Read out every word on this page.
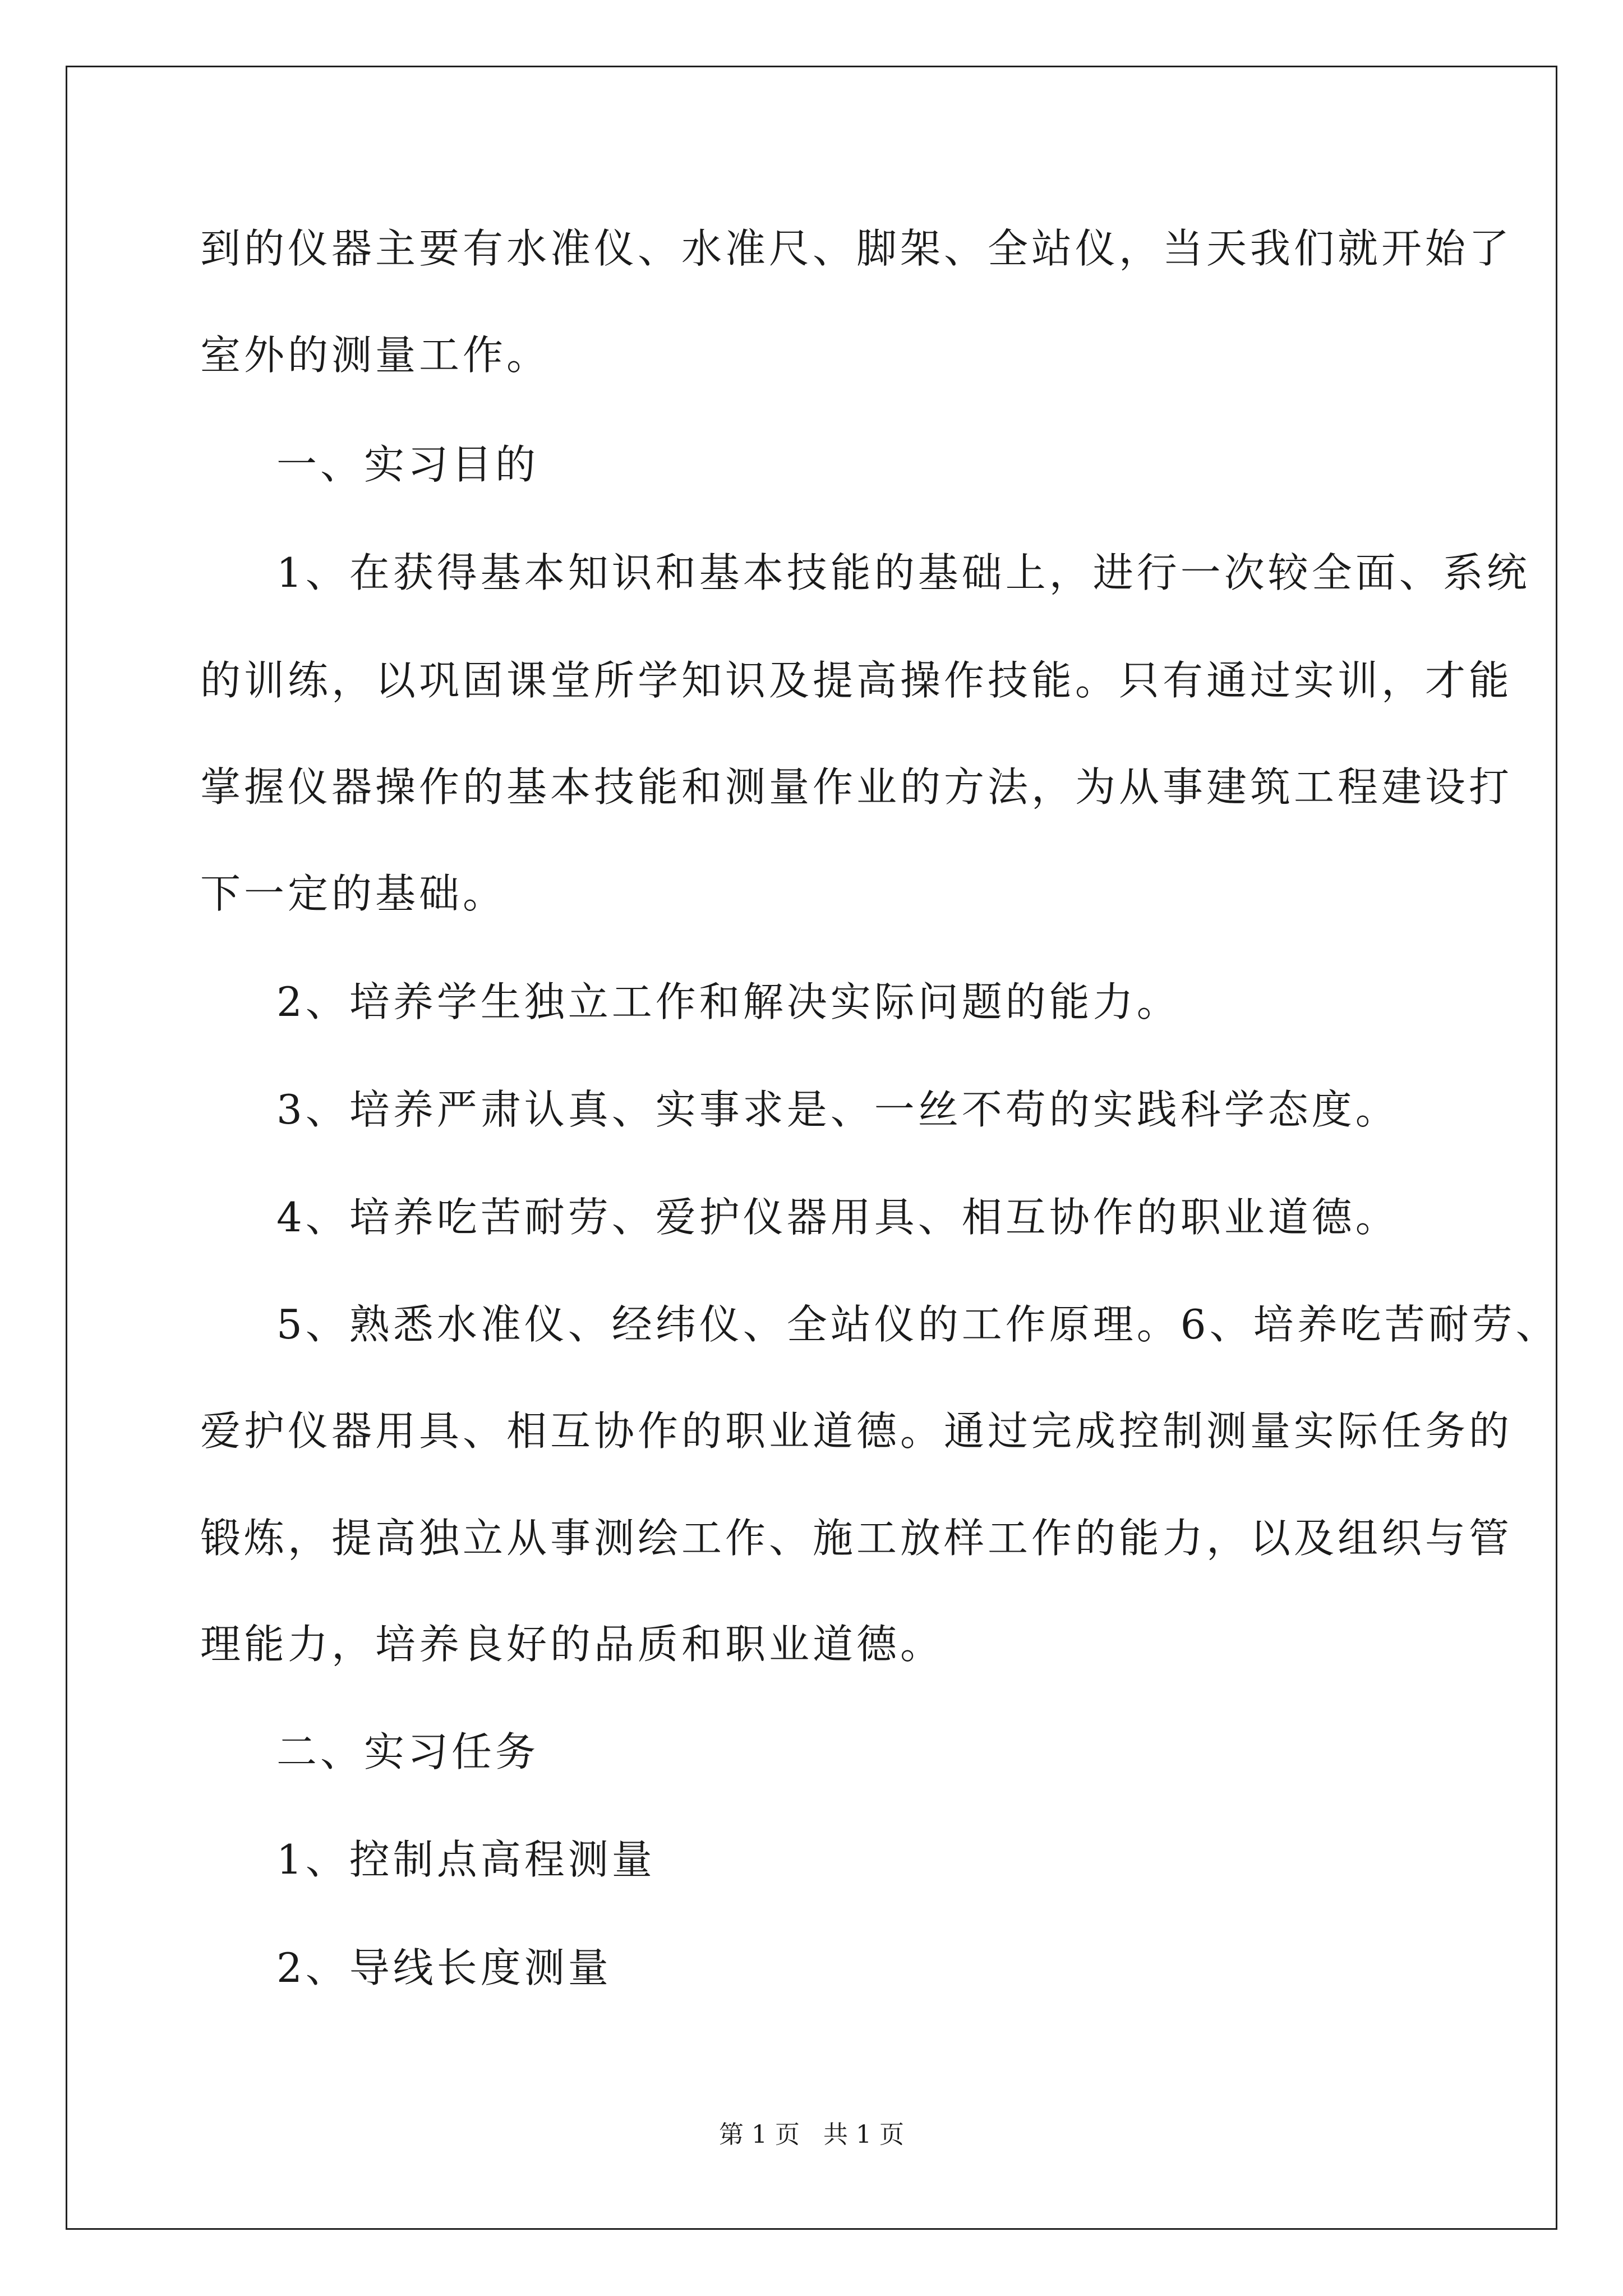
到的仪器主要有水准仪、水准尺、脚架、全站仪，当天我们就开始了
室外的测量工作。
一、实习目的
1、在获得基本知识和基本技能的基础上，进行一次较全面、系统
的训练，以巩固课堂所学知识及提高操作技能。只有通过实训，才能
掌握仪器操作的基本技能和测量作业的方法，为从事建筑工程建设打
下一定的基础。
2、培养学生独立工作和解决实际问题的能力。
3、培养严肃认真、实事求是、一丝不苟的实践科学态度。
4、培养吃苦耐劳、爱护仪器用具、相互协作的职业道德。
5、熟悉水准仪、经纬仪、全站仪的工作原理。6、培养吃苦耐劳、
爱护仪器用具、相互协作的职业道德。通过完成控制测量实际任务的
锻炼，提高独立从事测绘工作、施工放样工作的能力，以及组织与管
理能力，培养良好的品质和职业道德。
二、实习任务
1、控制点高程测量
2、导线长度测量
第 1 页   共 1 页
